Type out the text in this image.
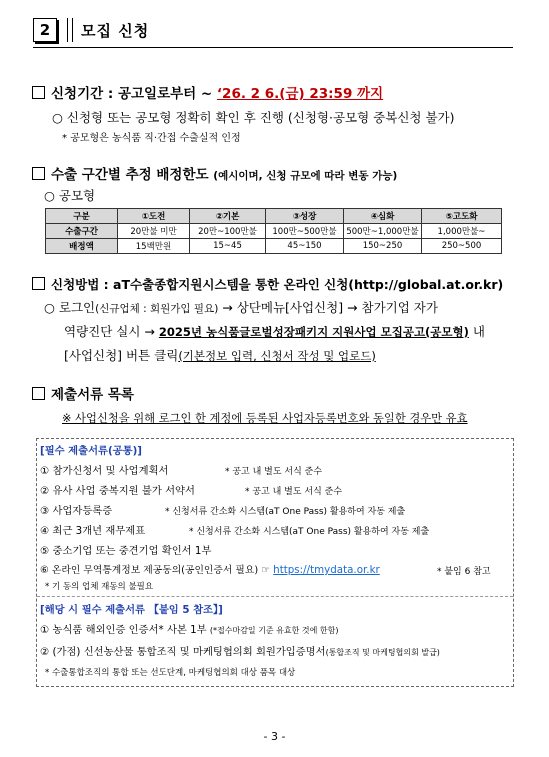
2	모집 신청
신청기간 : 공고일로부터 ~ ‘26. 2 6.(금) 23:59 까지
○ 신청형 또는 공모형 정확히 확인 후 진행 (신청형·공모형 중복신청 불가)
* 공모형은 농식품 직·간접 수출실적 인정
수출 구간별 추정 배정한도 (예시이며, 신청 규모에 따라 변동 가능)
○ 공모형
구분	①도전	②기본	③성장	④심화	⑤고도화
수출구간	20만불 미만	20만~100만불	100만~500만불	500만~1,000만불	1,000만불~
배정액	15백만원	15~45	45~150	150~250	250~500
신청방법 : aT수출종합지원시스템을 통한 온라인 신청(http://global.at.or.kr)
○ 로그인(신규업체 : 회원가입 필요) → 상단메뉴[사업신청] → 참가기업 자가
역량진단 실시 → 2025년 농식품글로벌성장패키지 지원사업 모집공고(공모형) 내
[사업신청] 버튼 클릭(기본정보 입력, 신청서 작성 및 업로드)
제출서류 목록
※ 사업신청을 위해 로그인 한 계정에 등록된 사업자등록번호와 동일한 경우만 유효
[필수 제출서류(공통)]
① 참가신청서 및 사업계획서	* 공고 내 별도 서식 준수
② 유사 사업 중복지원 불가 서약서	* 공고 내 별도 서식 준수
③ 사업자등록증	* 신청서류 간소화 시스템(aT One Pass) 활용하여 자동 제출
④ 최근 3개년 재무제표	* 신청서류 간소화 시스템(aT One Pass) 활용하여 자동 제출
⑤ 중소기업 또는 중견기업 확인서 1부
⑥ 온라인 무역통계정보 제공동의(공인인증서 필요) ☞ https://tmydata.or.kr	* 붙임 6 참고
* 기 동의 업체 재동의 불필요
[해당 시 필수 제출서류 【붙임 5 참조】]
① 농식품 해외인증 인증서* 사본 1부 (*접수마감일 기준 유효한 것에 한함)
② (가점) 신선농산물 통합조직 및 마케팅협의회 회원가입증명서(통합조직 및 마케팅협의회 발급)
* 수출통합조직의 통합 또는 선도단계, 마케팅협의회 대상 품목 대상
- 3 -
